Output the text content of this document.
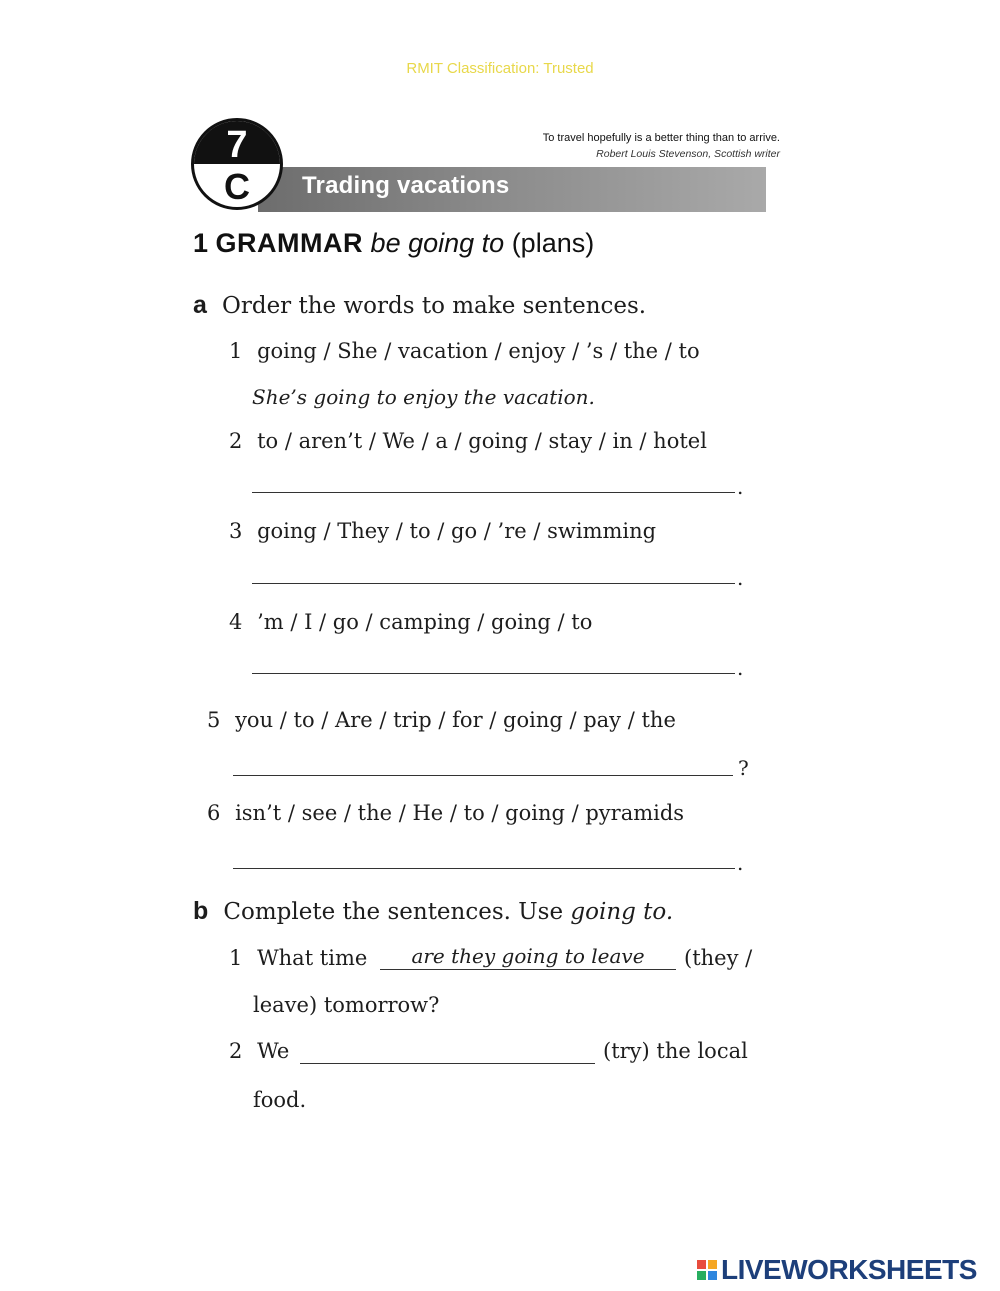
RMIT Classification: Trusted
To travel hopefully is a better thing than to arrive.
Robert Louis Stevenson, Scottish writer
Trading vacations
7
C
1 GRAMMAR be going to (plans)
a Order the words to make sentences.
1 going / She / vacation / enjoy / ’s / the / to
She’s going to enjoy the vacation.
2 to / aren’t / We / a / going / stay / in / hotel
.
3 going / They / to / go / ’re / swimming
.
4 ’m / I / go / camping / going / to
.
5 you / to / Are / trip / for / going / pay / the
?
6 isn’t / see / the / He / to / going / pyramids
.
b Complete the sentences. Use going to.
1 What time	are they going to leave	(they /
leave) tomorrow?
2 We	(try) the local
food.
LIVEWORKSHEETS
